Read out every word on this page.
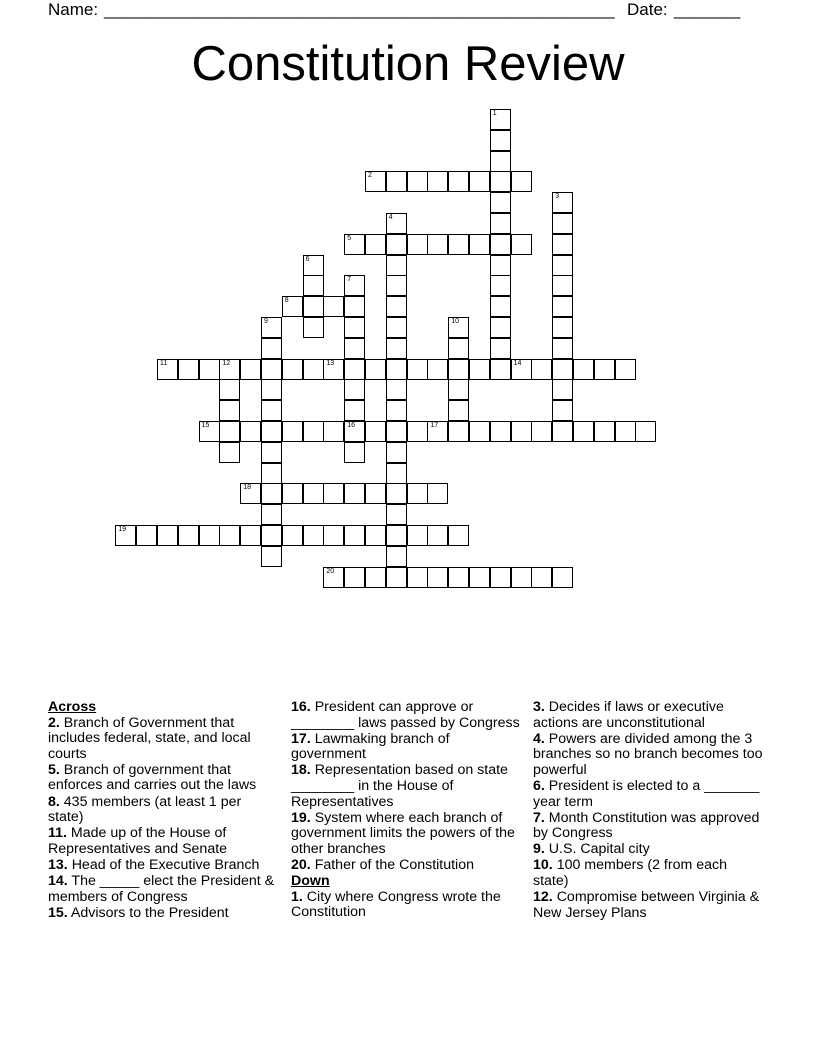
Name: ______________________________________________________ Date: _______
Constitution Review
1
2
3
4
5
6
7
16
8
9	10
11	12	13	14
15	17
18
19
20
Across
2. Branch of Government that includes federal, state, and local courts
5. Branch of government that enforces and carries out the laws
8. 435 members (at least 1 per state)
11. Made up of the House of Representatives and Senate
13. Head of the Executive Branch
14. The _____ elect the President & members of Congress
15. Advisors to the President
16. President can approve or ________ laws passed by Congress
17. Lawmaking branch of government
18. Representation based on state ________ in the House of Representatives
19. System where each branch of government limits the powers of the other branches
20. Father of the Constitution
Down
1. City where Congress wrote the Constitution
3. Decides if laws or executive actions are unconstitutional
4. Powers are divided among the 3 branches so no branch becomes too powerful
6. President is elected to a _______ year term
7. Month Constitution was approved by Congress
9. U.S. Capital city
10. 100 members (2 from each state)
12. Compromise between Virginia & New Jersey Plans
